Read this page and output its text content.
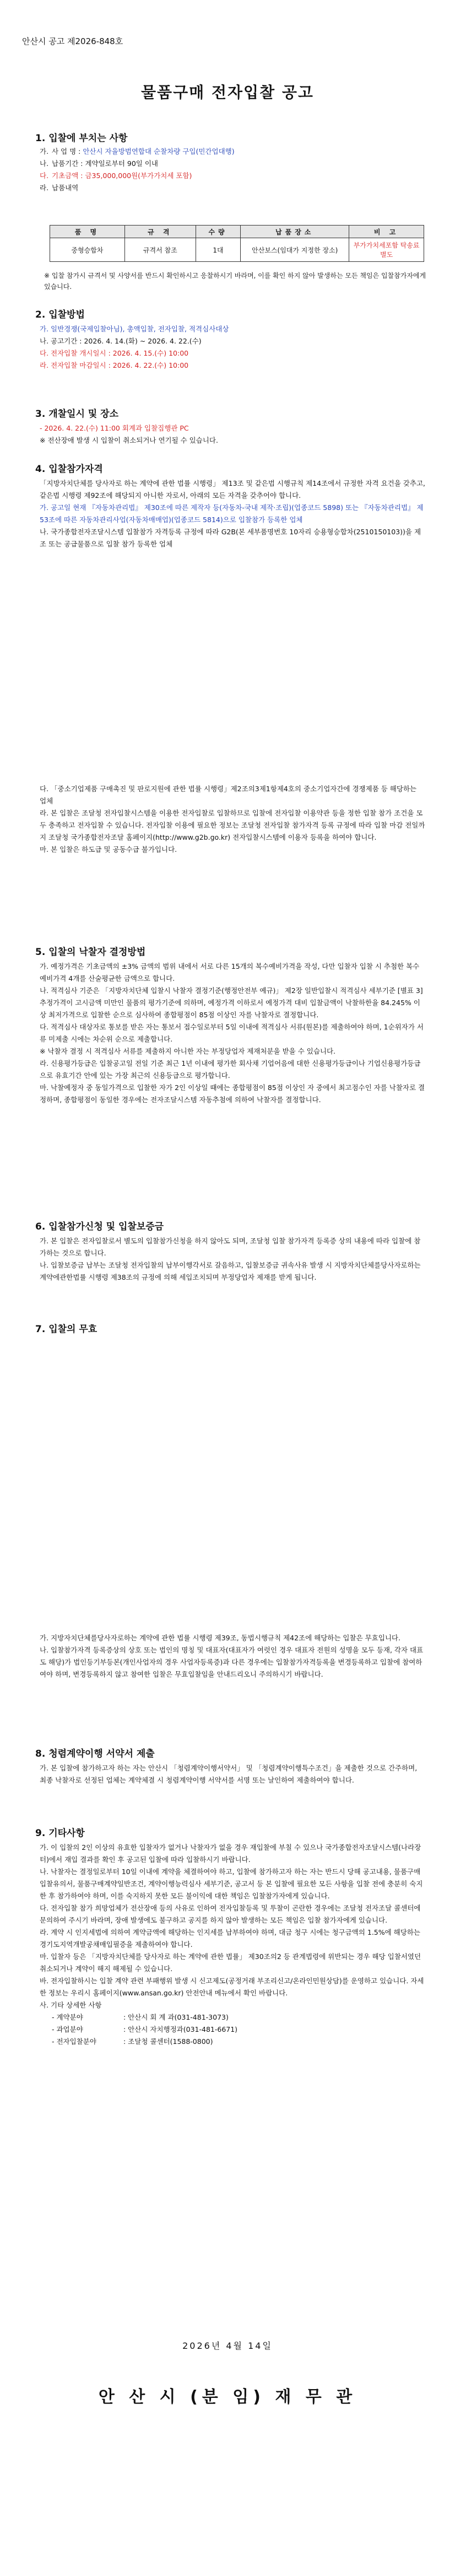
안산시 공고 제2026-848호
물품구매 전자입찰 공고
1. 입찰에 부치는 사항
가. 사 업 명 : 안산시 자율방범연합대 순찰차량 구입(민간업대행)
나. 납품기간 : 계약일로부터 90일 이내
다. 기초금액 : 금35,000,000원(부가가치세 포함)
라. 납품내역
품 명	규 격	수량	납품장소	비 고
중형승합차	규격서 참조	1대	안산보스(임대가 지정한 장소)	부가가치세포함 탁송료 별도
※ 입찰 참가시 규격서 및 사양서를 반드시 확인하시고 응찰하시기 바라며, 이를 확인 하지 않아 발생하는 모든 책임은 입찰참가자에게 있습니다.
2. 입찰방법
가. 일반경쟁(국제입찰아님), 총액입찰, 전자입찰, 적격심사대상
나. 공고기간 : 2026. 4. 14.(화) ~ 2026. 4. 22.(수)
다. 전자입찰 개시일시 : 2026. 4. 15.(수) 10:00
라. 전자입찰 마감일시 : 2026. 4. 22.(수) 10:00
3. 개찰일시 및 장소
- 2026. 4. 22.(수) 11:00 회계과 입찰집행관 PC
※ 전산장애 발생 시 입찰이 취소되거나 연기될 수 있습니다.
4. 입찰참가자격
「지방자치단체를 당사자로 하는 계약에 관한 법률 시행령」 제13조 및 같은법 시행규칙 제14조에서 규정한 자격 요건을 갖추고, 같은법 시행령 제92조에 해당되지 아니한 자로서, 아래의 모든 자격을 갖추어야 합니다.
가. 공고일 현재 『자동차관리법』 제30조에 따른 제작자 등(자동차-국내 제작·조립)(업종코드 5898) 또는 『자동차관리법』 제53조에 따른 자동차관리사업(자동차매매업)(업종코드 5814)으로 입찰참가 등록한 업체
나. 국가종합전자조달시스템 입찰참가 자격등록 규정에 따라 G2B(본 세부품명번호 10자리 승용형승합차(2510150103))을 제조 또는 공급물품으로 입찰 참가 등록한 업체
다. 「중소기업제품 구매촉진 및 판로지원에 관한 법률 시행령」제2조의3제1항제4호의 중소기업자간에 경쟁제품 등 해당하는 업체
라. 본 입찰은 조달청 전자입찰시스템을 이용한 전자입찰로 입찰하므로 입찰에 전자입찰 이용약관 등을 정한 입찰 참가 조건을 모두 충족하고 전자입찰 수 있습니다. 전자입찰 이용에 필요한 정보는 조달청 전자입찰 참가자격 등록 규정에 따라 입찰 마감 전일까지 조달청 국가종합전자조달 홈페이지(http://www.g2b.go.kr) 전자입찰시스템에 이용자 등록을 하여야 합니다.
마. 본 입찰은 하도급 및 공동수급 불가입니다.
5. 입찰의 낙찰자 결정방법
가. 예정가격은 기초금액의 ±3% 금액의 범위 내에서 서로 다른 15개의 복수예비가격을 작성, 다만 입찰자 입찰 시 추첨한 복수예비가격 4개를 산술평균한 금액으로 합니다.
나. 적격심사 기준은 「지방자치단체 입찰시 낙찰자 결정기준(행정안전부 예규)」 제2장 일반입찰시 적격심사 세부기준 [별표 3] 추정가격이 고시금액 미만인 물품의 평가기준에 의하며, 예정가격 이하로서 예정가격 대비 입찰금액이 낙찰하한율 84.245% 이상 최저가격으로 입찰한 순으로 심사하여 종합평점이 85점 이상인 자를 낙찰자로 결정합니다.
다. 적격심사 대상자로 통보를 받은 자는 통보서 접수일로부터 5일 이내에 적격심사 서류(원본)를 제출하여야 하며, 1순위자가 서류 미제출 시에는 차순위 순으로 제출합니다.
※ 낙찰자 결정 시 적격심사 서류를 제출하지 아니한 자는 부정당업자 제재처분을 받을 수 있습니다.
라. 신용평가등급은 입찰공고일 전일 기준 최근 1년 이내에 평가한 회사채 기업어음에 대한 신용평가등급이나 기업신용평가등급으로 유효기간 안에 있는 가장 최근의 신용등급으로 평가합니다.
마. 낙찰예정자 중 동일가격으로 입찰한 자가 2인 이상일 때에는 종합평점이 85점 이상인 자 중에서 최고점수인 자를 낙찰자로 결정하며, 종합평점이 동일한 경우에는 전자조달시스템 자동추첨에 의하여 낙찰자를 결정합니다.
6. 입찰참가신청 및 입찰보증금
가. 본 입찰은 전자입찰로서 별도의 입찰참가신청을 하지 않아도 되며, 조달청 입찰 참가자격 등록증 상의 내용에 따라 입찰에 참가하는 것으로 합니다.
나. 입찰보증금 납부는 조달청 전자입찰의 납부이행각서로 갈음하고, 입찰보증금 귀속사유 발생 시 지방자치단체를당사자로하는계약에관한법률 시행령 제38조의 규정에 의해 세입조치되며 부정당업자 제재를 받게 됩니다.
7. 입찰의 무효
가. 지방자치단체를당사자로하는 계약에 관한 법률 시행령 제39조, 동법시행규칙 제42조에 해당하는 입찰은 무효입니다.
나. 입찰참가자격 등록증상의 상호 또는 법인의 명칭 및 대표자(대표자가 여럿인 경우 대표자 전원의 성명을 모두 등재, 각자 대표도 해당)가 법인등기부등본(개인사업자의 경우 사업자등록증)과 다른 경우에는 입찰참가자격등록을 변경등록하고 입찰에 참여하여야 하며, 변경등록하지 않고 참여한 입찰은 무효입찰임을 안내드리오니 주의하시기 바랍니다.
8. 청렴계약이행 서약서 제출
가. 본 입찰에 참가하고자 하는 자는 안산시 「청렴계약이행서약서」 및 「청렴계약이행특수조건」을 제출한 것으로 간주하며, 최종 낙찰자로 선정된 업체는 계약체결 시 청렴계약이행 서약서를 서명 또는 날인하여 제출하여야 합니다.
9. 기타사항
가. 이 입찰의 2인 이상의 유효한 입찰자가 없거나 낙찰자가 없을 경우 재입찰에 부칠 수 있으나 국가종합전자조달시스템(나라장터)에서 재입 결과를 확인 후 공고된 입찰에 따라 입찰하시기 바랍니다.
나. 낙찰자는 결정일로부터 10일 이내에 계약을 체결하여야 하고, 입찰에 참가하고자 하는 자는 반드시 당해 공고내용, 물품구매입찰유의서, 물품구매계약일반조건, 계약이행능력심사 세부기준, 공고서 등 본 입찰에 필요한 모든 사항을 입찰 전에 충분히 숙지한 후 참가하여야 하며, 이를 숙지하지 못한 모든 불이익에 대한 책임은 입찰참가자에게 있습니다.
다. 전자입찰 참가 희망업체가 전산장애 등의 사유로 인하여 전자입찰등록 및 투찰이 곤란한 경우에는 조달청 전자조달 콜센터에 문의하여 주시기 바라며, 장애 발생에도 불구하고 공지를 하지 않아 발생하는 모든 책임은 입찰 참가자에게 있습니다.
라. 계약 시 인지세법에 의하여 계약금액에 해당하는 인지세를 납부하여야 하며, 대금 청구 시에는 청구금액의 1.5%에 해당하는 경기도지역개발공채매입필증을 제출하여야 합니다.
마. 입찰자 등은 「지방자치단체를 당사자로 하는 계약에 관한 법률」 제30조의2 등 관계법령에 위반되는 경우 해당 입찰서였던 취소되거나 계약이 해지 해제될 수 있습니다.
바. 전자입찰하시는 입찰 계약 관련 부패행위 발생 시 신고제도(공정거래 부조리신고/온라인민원상담)를 운영하고 있습니다. 자세한 정보는 우리시 홈페이지(www.ansan.go.kr) 안전안내 메뉴에서 확인 바랍니다.
사. 기타 상세한 사항
- 계약분야	: 안산시 회 계 과(031-481-3073)
- 과업분야	: 안산시 자치행정과(031-481-6671)
- 전자입찰분야	: 조달청 콜센터(1588-0800)
2026년 4월 14일
안 산 시 (분 임) 재 무 관
